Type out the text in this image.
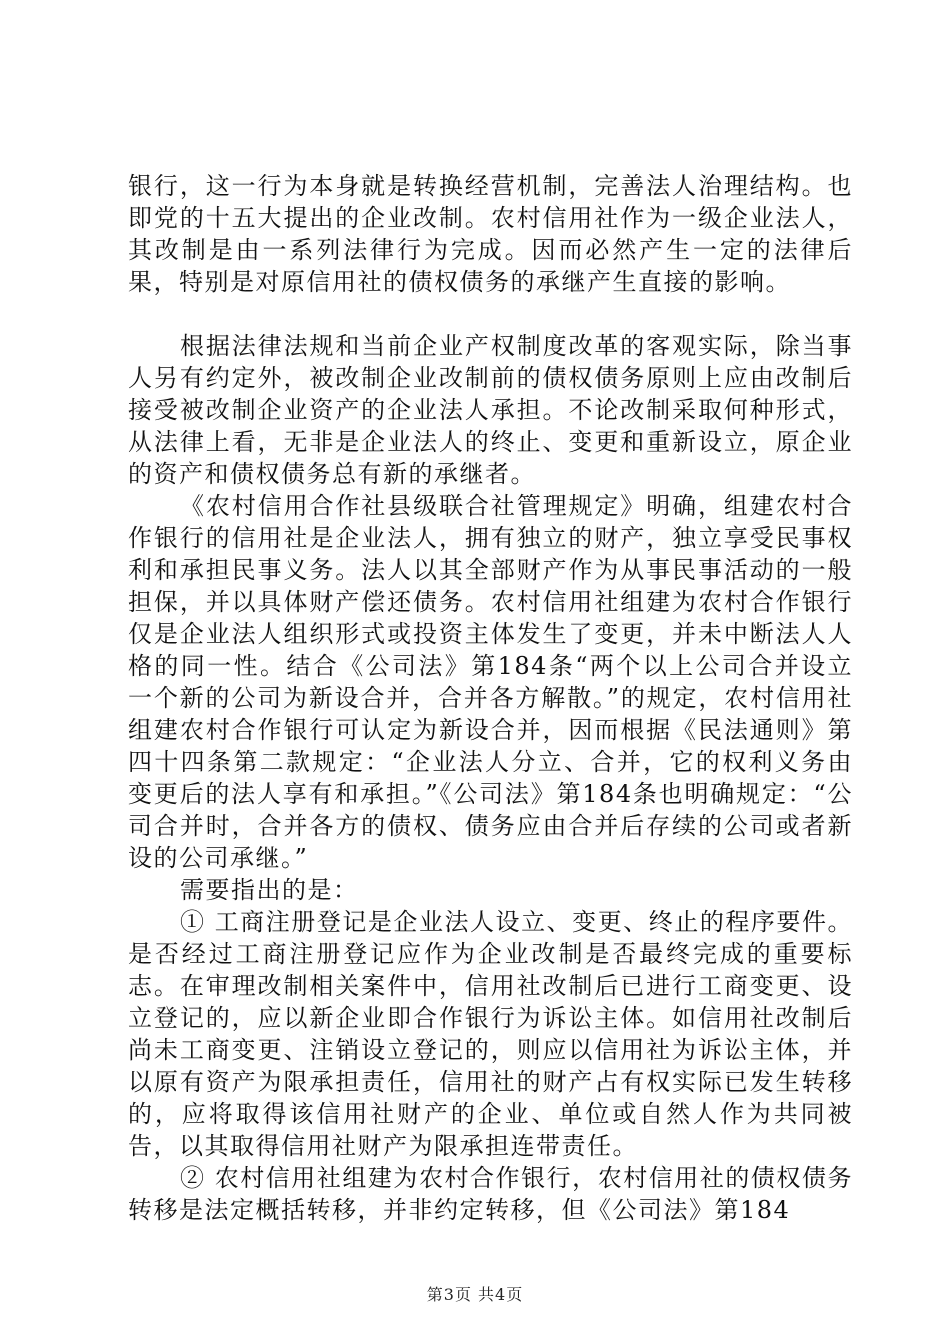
银行，这一行为本身就是转换经营机制，完善法人治理结构。也即党的十五大提出的企业改制。农村信用社作为一级企业法人，其改制是由一系列法律行为完成。因而必然产生一定的法律后果，特别是对原信用社的债权债务的承继产生直接的影响。

根据法律法规和当前企业产权制度改革的客观实际，除当事人另有约定外，被改制企业改制前的债权债务原则上应由改制后接受被改制企业资产的企业法人承担。不论改制采取何种形式，从法律上看，无非是企业法人的终止、变更和重新设立，原企业的资产和债权债务总有新的承继者。

《农村信用合作社县级联合社管理规定》明确，组建农村合作银行的信用社是企业法人，拥有独立的财产，独立享受民事权利和承担民事义务。法人以其全部财产作为从事民事活动的一般担保，并以具体财产偿还债务。农村信用社组建为农村合作银行仅是企业法人组织形式或投资主体发生了变更，并未中断法人人格的同一性。结合《公司法》第184条“两个以上公司合并设立一个新的公司为新设合并，合并各方解散。”的规定，农村信用社组建农村合作银行可认定为新设合并，因而根据《民法通则》第四十四条第二款规定：“企业法人分立、合并，它的权利义务由变更后的法人享有和承担。”《公司法》第184条也明确规定：“公司合并时，合并各方的债权、债务应由合并后存续的公司或者新设的公司承继。”

需要指出的是：

① 工商注册登记是企业法人设立、变更、终止的程序要件。是否经过工商注册登记应作为企业改制是否最终完成的重要标志。在审理改制相关案件中，信用社改制后已进行工商变更、设立登记的，应以新企业即合作银行为诉讼主体。如信用社改制后尚未工商变更、注销设立登记的，则应以信用社为诉讼主体，并以原有资产为限承担责任，信用社的财产占有权实际已发生转移的，应将取得该信用社财产的企业、单位或自然人作为共同被告，以其取得信用社财产为限承担连带责任。

② 农村信用社组建为农村合作银行，农村信用社的债权债务转移是法定概括转移，并非约定转移，但《公司法》第184

第3页 共4页
